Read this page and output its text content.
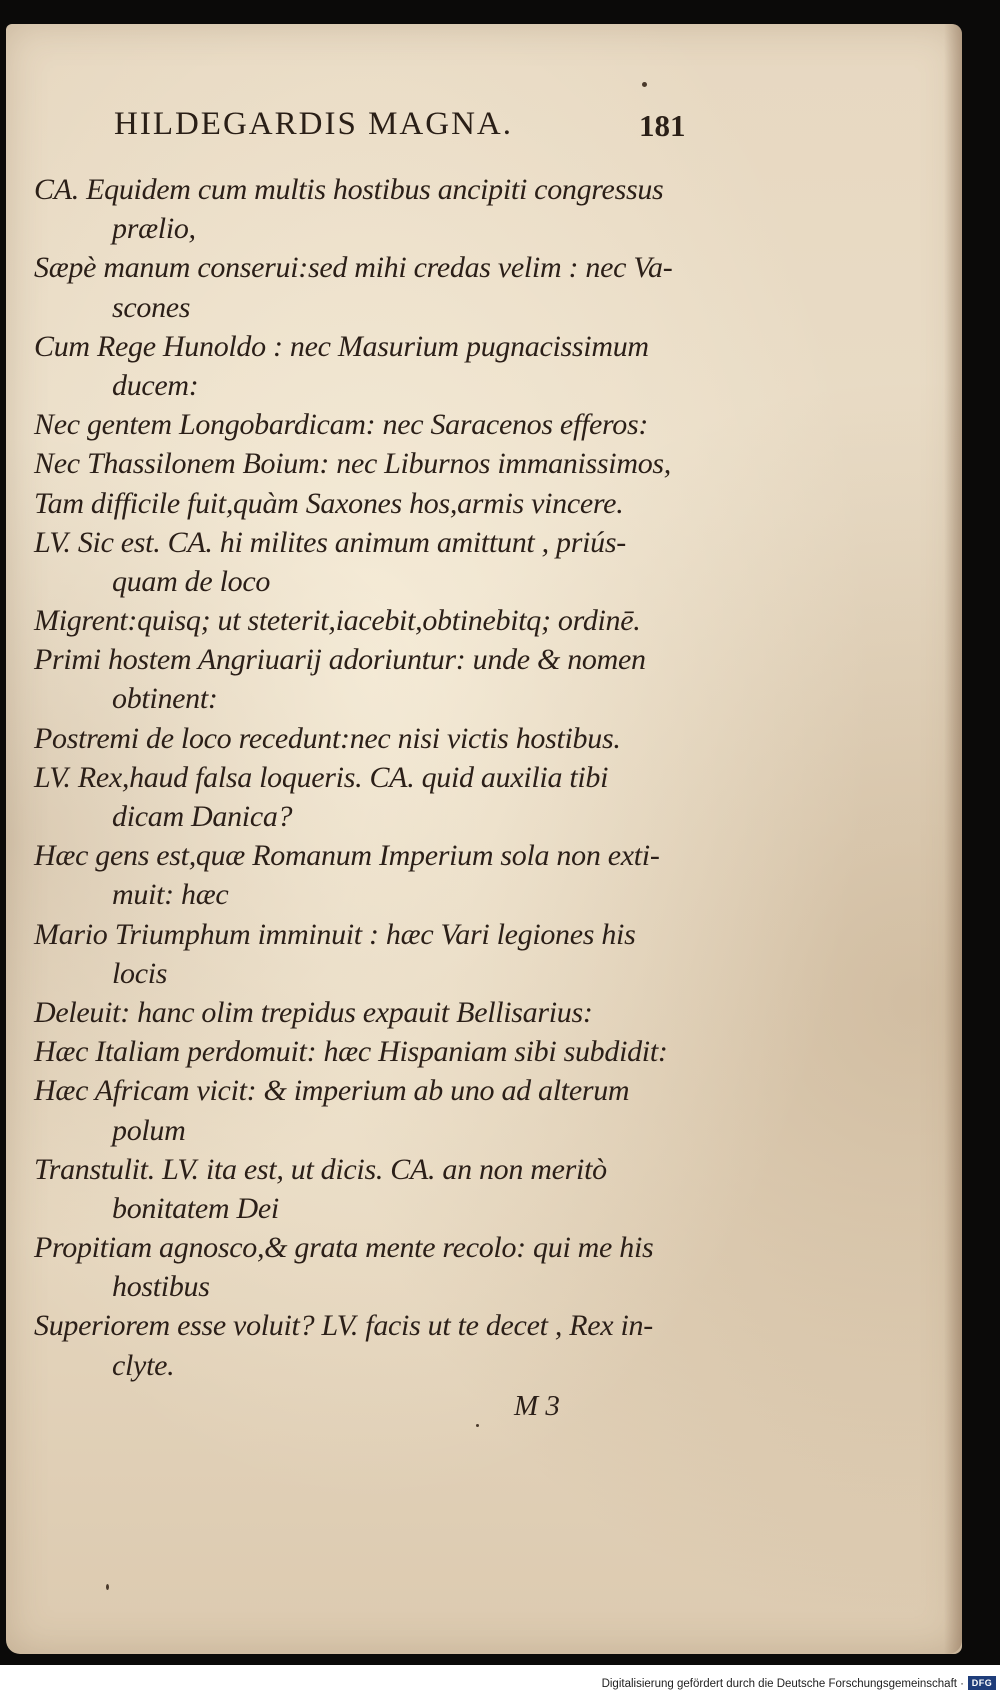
HILDEGARDIS MAGNA.	181
CA. Equidem cum multis hostibus ancipiti congressus
prælio,
Sæpè manum conserui:sed mihi credas velim : nec Va-
scones
Cum Rege Hunoldo : nec Masurium pugnacissimum
ducem:
Nec gentem Longobardicam: nec Saracenos efferos:
Nec Thassilonem Boium: nec Liburnos immanissimos,
Tam difficile fuit,quàm Saxones hos,armis vincere.
LV. Sic est. CA. hi milites animum amittunt , priús-
quam de loco
Migrent:quisq; ut steterit,iacebit,obtinebitq; ordinē.
Primi hostem Angriuarij adoriuntur: unde & nomen
obtinent:
Postremi de loco recedunt:nec nisi victis hostibus.
LV. Rex,haud falsa loqueris. CA. quid auxilia tibi
dicam Danica?
Hæc gens est,quæ Romanum Imperium sola non exti-
muit: hæc
Mario Triumphum imminuit : hæc Vari legiones his
locis
Deleuit: hanc olim trepidus expauit Bellisarius:
Hæc Italiam perdomuit: hæc Hispaniam sibi subdidit:
Hæc Africam vicit: & imperium ab uno ad alterum
polum
Transtulit. LV. ita est, ut dicis. CA. an non meritò
bonitatem Dei
Propitiam agnosco,& grata mente recolo: qui me his
hostibus
Superiorem esse voluit? LV. facis ut te decet , Rex in-
clyte.
M 3
Digitalisierung gefördert durch die Deutsche Forschungsgemeinschaft · DFG
